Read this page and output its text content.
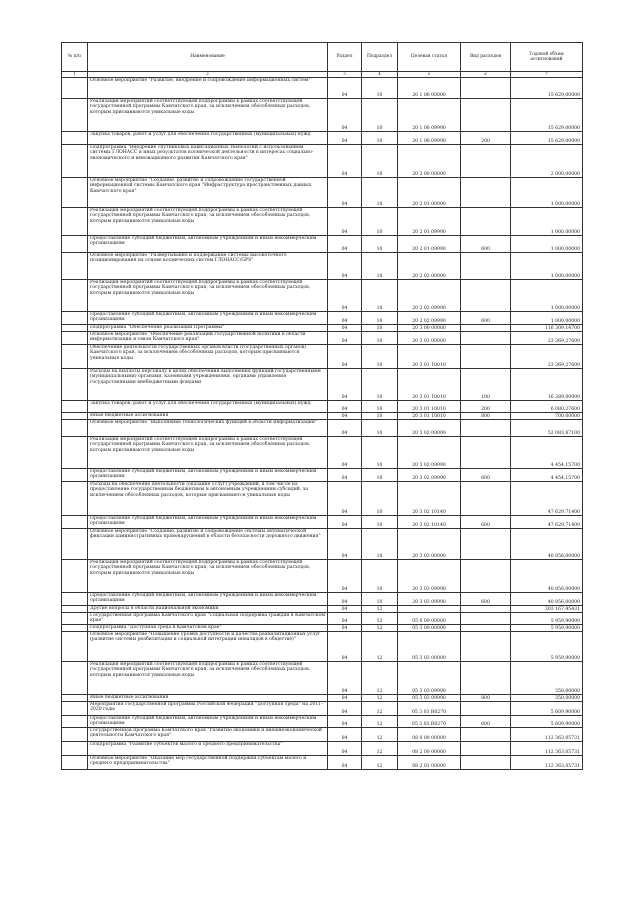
№ п/п	Наименование	Раздел	Подраздел	Целевая статья	Вид расходов	Годовой объем ассигнований
1	2	3	4	5	6	7
	Основное мероприятие "Развитие, внедрение и сопровождение информационных систем"	04	10	20 1 06 00000		15 629,00000
	Реализация мероприятий соответствующей подпрограммы в рамках соответствующей государственной программы Камчатского края, за исключением обособленных расходов, которым присваиваются уникальные коды	04	10	20 1 06 09990		15 629,00000
	Закупка товаров, работ и услуг для обеспечения государственных (муниципальных) нужд	04	10	20 1 06 09990	200	15 629,00000
	Подпрограмма "Внедрение спутниковых навигационных технологий с использованием системы ГЛОНАСС и иных результатов космической деятельности в интересах социально-экономического и инновационного развития Камчатского края"	04	10	20 2 00 00000		2 000,00000
	Основное мероприятие "Создание, развитие и сопровождение государственной информационной системы Камчатского края "Инфраструктура пространственных данных Камчатского края"	04	10	20 2 01 00000		1 000,00000
	Реализация мероприятий соответствующей подпрограммы в рамках соответствующей государственной программы Камчатского края, за исключением обособленных расходов, которым присваиваются уникальные коды	04	10	20 2 01 09990		1 000,00000
	Предоставление субсидий бюджетным, автономным учреждениям и иным некоммерческим организациям	04	10	20 2 01 09990	600	1 000,00000
	Основное мероприятие "Развертывание и поддержание системы высокоточного позиционирования на основе космических систем ГЛОНАСС/GPS"	04	10	20 2 02 00000		1 000,00000
	Реализация мероприятий соответствующей подпрограммы в рамках соответствующей государственной программы Камчатского края, за исключением обособленных расходов, которым присваиваются уникальные коды	04	10	20 2 02 09990		1 000,00000
	Предоставление субсидий бюджетным, автономным учреждениям и иным некоммерческим организациям	04	10	20 2 02 09990	600	1 000,00000
	Подпрограмма "Обеспечение реализации Программы"	04	10	20 3 00 00000		116 309,14700
	Основное мероприятие "Обеспечение реализации государственной политики в области информатизации и связи Камчатского края"	04	10	20 3 01 00000		23 369,27600
	Обеспечение деятельности государственных органов власти (государственных органов) Камчатского края, за исключением обособленных расходов, которым присваиваются уникальные коды	04	10	20 3 01 10010		23 369,27600
	Расходы на выплаты персоналу в целях обеспечения выполнения функций государственными (муниципальными) органами, казенными учреждениями, органами управления государственными внебюджетными фондами	04	10	20 3 01 10010	100	16 389,00000
	Закупка товаров, работ и услуг для обеспечения государственных (муниципальных) нужд	04	10	20 3 01 10010	200	6 080,27600
	Иные бюджетные ассигнования	04	10	20 3 01 10010	800	700,00000
	Основное мероприятие "Выполнение технологических функций в области информатизации"	04	10	20 3 02 00000		52 083,87100
	Реализация мероприятий соответствующей подпрограммы в рамках соответствующей государственной программы Камчатского края, за исключением обособленных расходов, которым присваиваются уникальные коды	04	10	20 3 02 09990		4 454,15700
	Предоставление субсидий бюджетным, автономным учреждениям и иным некоммерческим организациям	04	10	20 3 02 09990	600	4 454,15700
	Расходы на обеспечение деятельности (оказание услуг) учреждений, в том числе на предоставление государственным бюджетным и автономным учреждениям субсидий, за исключением обособленных расходов, которым присваиваются уникальные коды	04	10	20 3 02 10140		47 629,71400
	Предоставление субсидий бюджетным, автономным учреждениям и иным некоммерческим организациям	04	10	20 3 02 10140	600	47 629,71400
	Основное мероприятие "Создание, развитие и сопровождение системы автоматической фиксации административных правонарушений в области безопасности дорожного движения"	04	10	20 3 03 00000		40 856,00000
	Реализация мероприятий соответствующей подпрограммы в рамках соответствующей государственной программы Камчатского края, за исключением обособленных расходов, которым присваиваются уникальные коды	04	10	20 3 03 09990		40 856,00000
	Предоставление субсидий бюджетным, автономным учреждениям и иным некоммерческим организациям	04	10	20 3 03 09990	600	40 856,00000
	Другие вопросы в области национальной экономики	04	12			303 167,45431
	Государственная программа Камчатского края "Социальная поддержка граждан в Камчатском крае"	04	12	05 0 00 00000		5 959,90000
	Подпрограмма "Доступная среда в Камчатском крае"	04	12	05 3 00 00000		5 959,90000
	Основное мероприятие "Повышение уровня доступности и качества реабилитационных услуг (развитие системы реабилитации и социальной интеграции инвалидов в обществе)"	04	12	05 3 03 00000		5 959,90000
	Реализация мероприятий соответствующей подпрограммы в рамках соответствующей государственной программы Камчатского края, за исключением обособленных расходов, которым присваиваются уникальные коды	04	12	05 3 03 09990		350,00000
	Иные бюджетные ассигнования	04	12	05 3 03 09990	800	350,00000
	Мероприятия государственной программы Российской Федерации "Доступная среда" на 2011-2020 годы	04	12	05 3 03 R0270		5 609,90000
	Предоставление субсидий бюджетным, автономным учреждениям и иным некоммерческим организациям	04	12	05 3 03 R0270	600	5 609,90000
	Государственная программа Камчатского края "Развитие экономики и внешнеэкономической деятельности Камчатского края"	04	12	08 0 00 00000		112 363,05731
	Подпрограмма "Развитие субъектов малого и среднего предпринимательства"	04	12	08 2 00 00000		112 363,05731
	Основное мероприятие "Оказание мер государственной поддержки субъектам малого и среднего предпринимательства"	04	12	08 2 01 00000		112 363,05731
